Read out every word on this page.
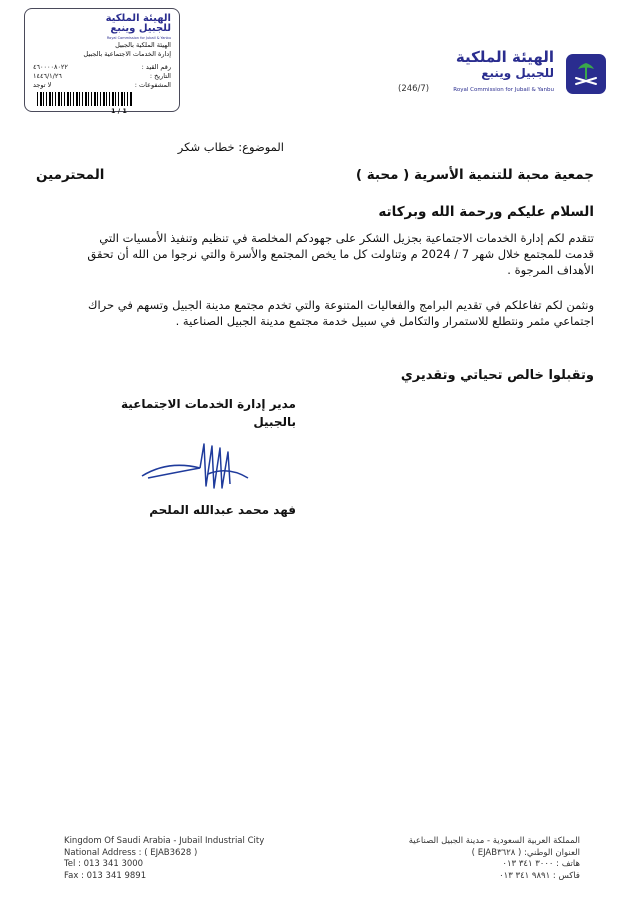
الهيئة الملكية
للجبيل وينبع
Royal Commission for Jubail & Yanbu
الهيئة الملكية بالجبيل
إدارة الخدمات الاجتماعية بالجبيل
٤٦٠٠٠٠٨٠٢٢	رقم القيد :
١٤٤٦/١/٢٦	التاريخ :
لا توجد	المشفوعات :
1 / 1
الهيئة الملكية
للجبيل وينبع
Royal Commission for Jubail & Yanbu
(246/7)
الموضوع: خطاب شكر
جمعية محبة للتنمية الأسرية ( محبة )
المحترمين
السلام عليكم ورحمة الله وبركاته
تتقدم لكم إدارة الخدمات الاجتماعية بجزيل الشكر على جهودكم المخلصة في تنظيم وتنفيذ الأمسيات التي
قدمت للمجتمع خلال شهر 7 / 2024 م وتناولت كل ما يخص المجتمع والأسرة والتي نرجوا من الله أن تحقق
الأهداف المرجوة .
ونثمن لكم تفاعلكم في تقديم البرامج والفعاليات المتنوعة والتي تخدم مجتمع مدينة الجبيل وتسهم في حراك
اجتماعي مثمر ونتطلع للاستمرار والتكامل في سبيل خدمة مجتمع مدينة الجبيل الصناعية .
وتقبلوا خالص تحياتي وتقديري
مدير إدارة الخدمات الاجتماعية
بالجبيل
فهد محمد عبدالله الملحم
Kingdom Of Saudi Arabia - Jubail Industrial City
National Address : ( EJAB3628 )
Tel : 013 341 3000
Fax : 013 341 9891
المملكة العربية السعودية - مدينة الجبيل الصناعية
العنوان الوطني: ( EJAB٣٦٢٨ )
هاتف : ٣٠٠٠ ٣٤١ ٠١٣
فاكس : ٩٨٩١ ٣٤١ ٠١٣
